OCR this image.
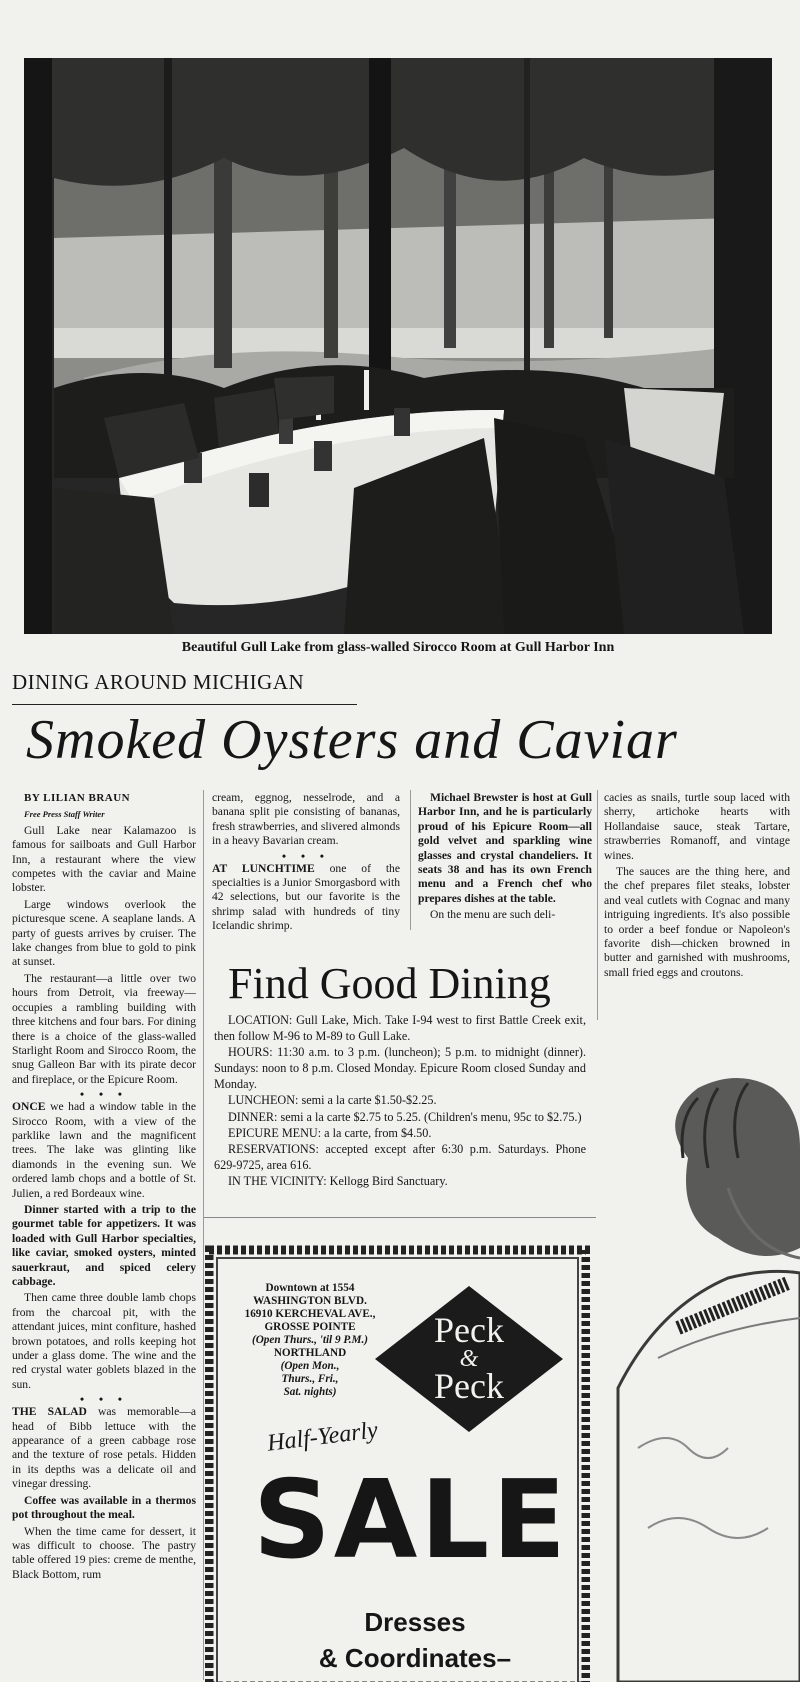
Beautiful Gull Lake from glass-walled Sirocco Room at Gull Harbor Inn
DINING AROUND MICHIGAN
Smoked Oysters and Caviar

BY LILIAN BRAUN

Free Press Staff Writer

Gull Lake near Kalamazoo is famous for sailboats and Gull Harbor Inn, a restaurant where the view competes with the caviar and Maine lobster.

Large windows overlook the picturesque scene. A seaplane lands. A party of guests arrives by cruiser. The lake changes from blue to gold to pink at sunset.

The restaurant—a little over two hours from Detroit, via freeway—occupies a rambling building with three kitchens and four bars. For dining there is a choice of the glass-walled Starlight Room and Sirocco Room, the snug Galleon Bar with its pirate decor and fireplace, or the Epicure Room.

• • •

ONCE we had a window table in the Sirocco Room, with a view of the parklike lawn and the magnificent trees. The lake was glinting like diamonds in the evening sun. We ordered lamb chops and a bottle of St. Julien, a red Bordeaux wine.

Dinner started with a trip to the gourmet table for appetizers. It was loaded with Gull Harbor specialties, like caviar, smoked oysters, minted sauerkraut, and spiced celery cabbage.

Then came three double lamb chops from the charcoal pit, with the attendant juices, mint confiture, hashed brown potatoes, and rolls keeping hot under a glass dome. The wine and the red crystal water goblets blazed in the sun.

• • •

THE SALAD was memorable—a head of Bibb lettuce with the appearance of a green cabbage rose and the texture of rose petals. Hidden in its depths was a delicate oil and vinegar dressing.

Coffee was available in a thermos pot throughout the meal.

When the time came for dessert, it was difficult to choose. The pastry table offered 19 pies: creme de menthe, Black Bottom, rum

cream, eggnog, nesselrode, and a banana split pie consisting of bananas, fresh strawberries, and slivered almonds in a heavy Bavarian cream.

• • •

AT LUNCHTIME one of the specialties is a Junior Smorgasbord with 42 selections, but our favorite is the shrimp salad with hundreds of tiny Icelandic shrimp.

Michael Brewster is host at Gull Harbor Inn, and he is particularly proud of his Epicure Room—all gold velvet and sparkling wine glasses and crystal chandeliers. It seats 38 and has its own French menu and a French chef who prepares dishes at the table.

On the menu are such deli-

cacies as snails, turtle soup laced with sherry, artichoke hearts with Hollandaise sauce, steak Tartare, strawberries Romanoff, and vintage wines.

The sauces are the thing here, and the chef prepares filet steaks, lobster and veal cutlets with Cognac and many intriguing ingredients. It's also possible to order a beef fondue or Napoleon's favorite dish—chicken browned in butter and garnished with mushrooms, small fried eggs and croutons.

Find Good Dining

LOCATION: Gull Lake, Mich. Take I-94 west to first Battle Creek exit, then follow M-96 to M-89 to Gull Lake.

HOURS: 11:30 a.m. to 3 p.m. (luncheon); 5 p.m. to midnight (dinner). Sundays: noon to 8 p.m. Closed Monday. Epicure Room closed Sunday and Monday.

LUNCHEON: semi a la carte $1.50-$2.25.

DINNER: semi a la carte $2.75 to 5.25. (Children's menu, 95c to $2.75.)

EPICURE MENU: a la carte, from $4.50.

RESERVATIONS: accepted except after 6:30 p.m. Saturdays. Phone 629-9725, area 616.

IN THE VICINITY: Kellogg Bird Sanctuary.

Downtown at 1554
WASHINGTON BLVD.
16910 KERCHEVAL AVE.,
GROSSE POINTE
(Open Thurs., 'til 9 P.M.)
NORTHLAND
(Open Mon.,
Thurs., Fri.,
Sat. nights)
Peck
&
Peck
Half-Yearly
SALE
Dresses
& Coordinates–
